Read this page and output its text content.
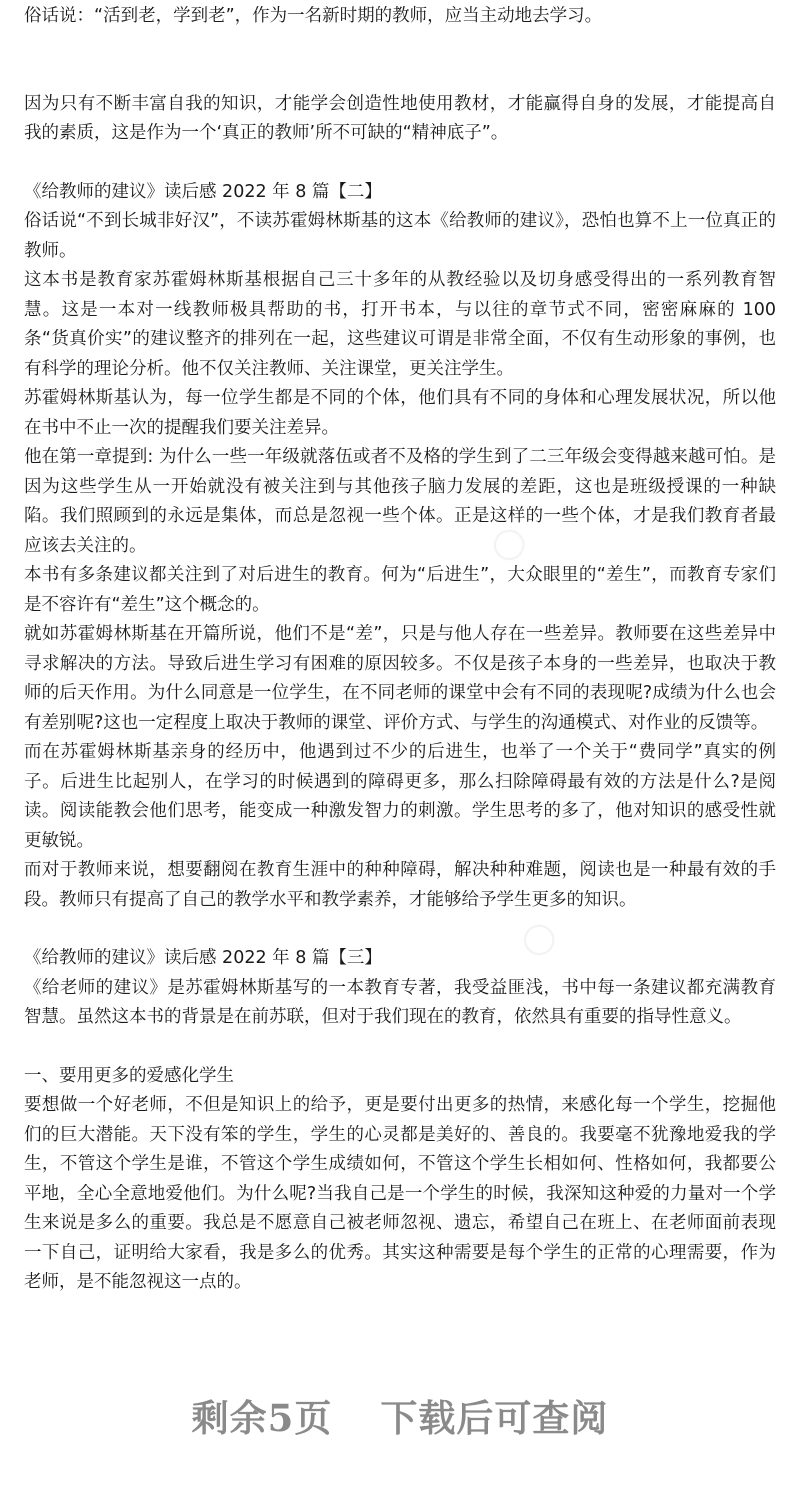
○
○

俗话说：“活到老，学到老”，作为一名新时期的教师，应当主动地去学习。

因为只有不断丰富自我的知识，才能学会创造性地使用教材，才能赢得自身的发展，才能提高自我的素质，这是作为一个‘真正的教师’所不可缺的“精神底子”。

《给教师的建议》读后感 2022 年 8 篇【二】

俗话说“不到长城非好汉”，不读苏霍姆林斯基的这本《给教师的建议》，恐怕也算不上一位真正的教师。

这本书是教育家苏霍姆林斯基根据自己三十多年的从教经验以及切身感受得出的一系列教育智慧。这是一本对一线教师极具帮助的书，打开书本，与以往的章节式不同，密密麻麻的 100 条“货真价实”的建议整齐的排列在一起，这些建议可谓是非常全面，不仅有生动形象的事例，也有科学的理论分析。他不仅关注教师、关注课堂，更关注学生。

苏霍姆林斯基认为，每一位学生都是不同的个体，他们具有不同的身体和心理发展状况，所以他在书中不止一次的提醒我们要关注差异。

他在第一章提到: 为什么一些一年级就落伍或者不及格的学生到了二三年级会变得越来越可怕。是因为这些学生从一开始就没有被关注到与其他孩子脑力发展的差距，这也是班级授课的一种缺陷。我们照顾到的永远是集体，而总是忽视一些个体。正是这样的一些个体，才是我们教育者最应该去关注的。

本书有多条建议都关注到了对后进生的教育。何为“后进生”，大众眼里的“差生”，而教育专家们是不容许有“差生”这个概念的。

就如苏霍姆林斯基在开篇所说，他们不是“差”，只是与他人存在一些差异。教师要在这些差异中寻求解决的方法。导致后进生学习有困难的原因较多。不仅是孩子本身的一些差异，也取决于教师的后天作用。为什么同意是一位学生，在不同老师的课堂中会有不同的表现呢?成绩为什么也会有差别呢?这也一定程度上取决于教师的课堂、评价方式、与学生的沟通模式、对作业的反馈等。

而在苏霍姆林斯基亲身的经历中，他遇到过不少的后进生，也举了一个关于“费同学”真实的例子。后进生比起别人，在学习的时候遇到的障碍更多，那么扫除障碍最有效的方法是什么?是阅读。阅读能教会他们思考，能变成一种激发智力的刺激。学生思考的多了，他对知识的感受性就更敏锐。

而对于教师来说，想要翻阅在教育生涯中的种种障碍，解决种种难题，阅读也是一种最有效的手段。教师只有提高了自己的教学水平和教学素养，才能够给予学生更多的知识。

《给教师的建议》读后感 2022 年 8 篇【三】

《给老师的建议》是苏霍姆林斯基写的一本教育专著，我受益匪浅，书中每一条建议都充满教育智慧。虽然这本书的背景是在前苏联，但对于我们现在的教育，依然具有重要的指导性意义。

一、要用更多的爱感化学生

要想做一个好老师，不但是知识上的给予，更是要付出更多的热情，来感化每一个学生，挖掘他们的巨大潜能。天下没有笨的学生，学生的心灵都是美好的、善良的。我要毫不犹豫地爱我的学生，不管这个学生是谁，不管这个学生成绩如何，不管这个学生长相如何、性格如何，我都要公平地，全心全意地爱他们。为什么呢?当我自己是一个学生的时候，我深知这种爱的力量对一个学生来说是多么的重要。我总是不愿意自己被老师忽视、遗忘，希望自己在班上、在老师面前表现一下自己，证明给大家看，我是多么的优秀。其实这种需要是每个学生的正常的心理需要，作为老师，是不能忽视这一点的。

剩余5页 下载后可查阅
